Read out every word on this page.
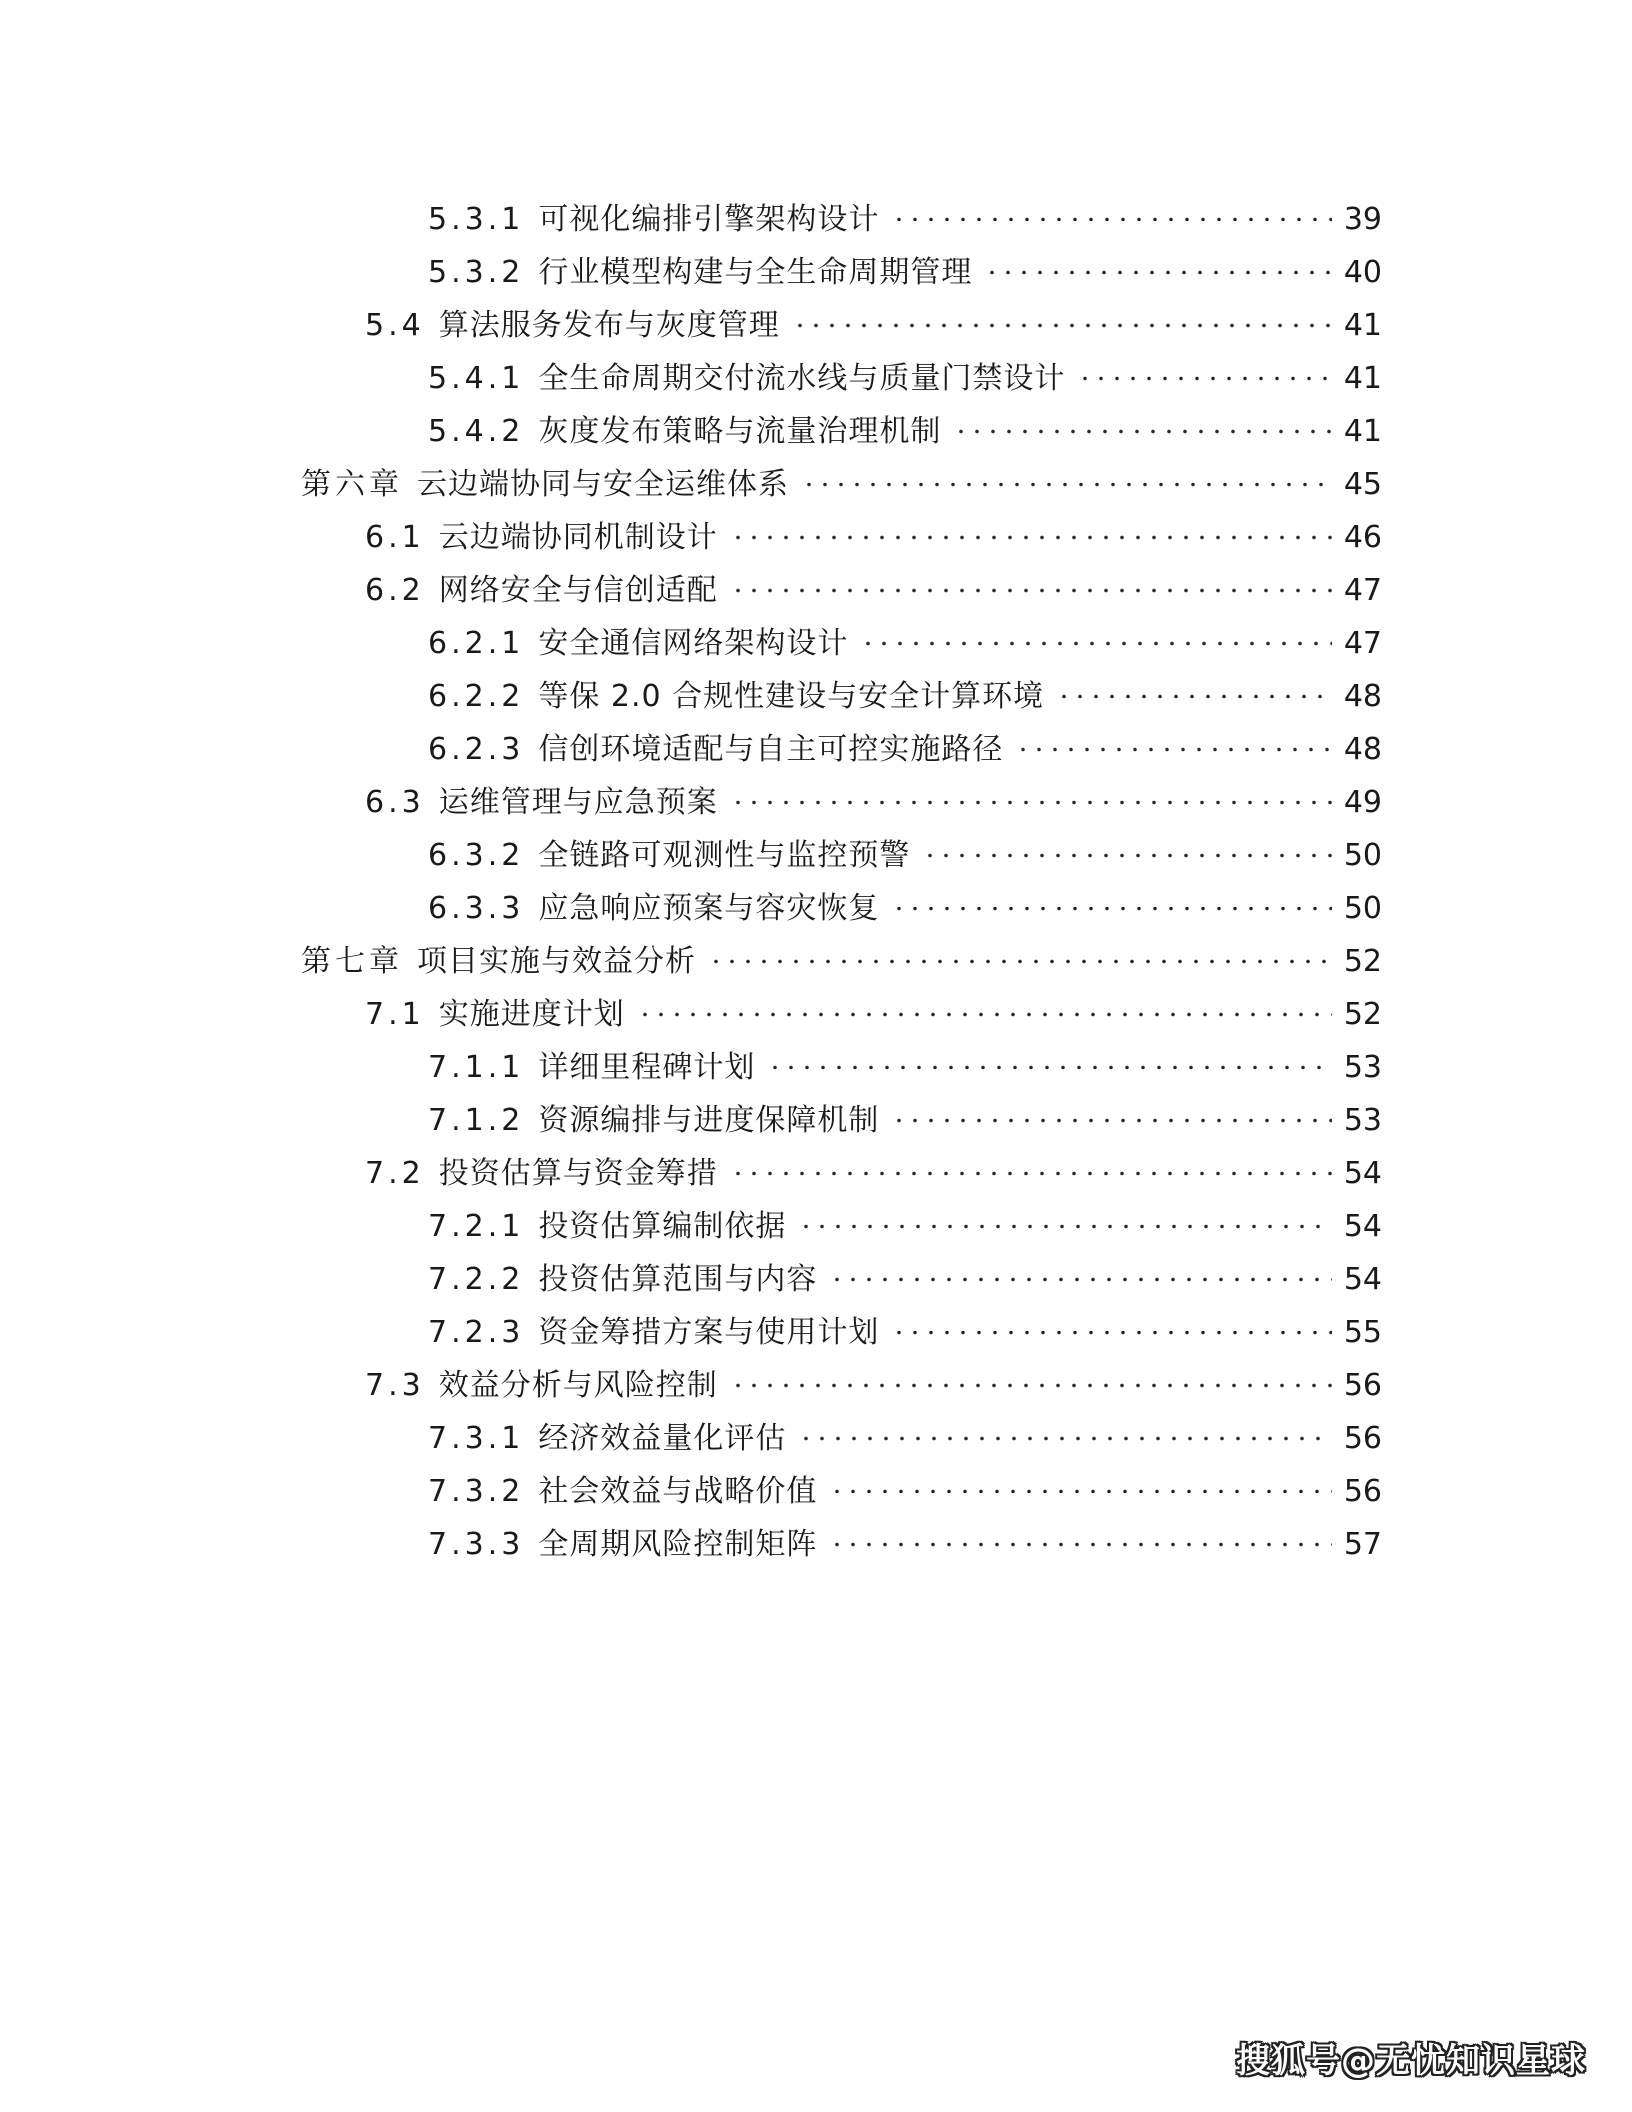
5.3.1 可视化编排引擎架构设计	39
5.3.2 行业模型构建与全生命周期管理	40
5.4 算法服务发布与灰度管理	41
5.4.1 全生命周期交付流水线与质量门禁设计	41
5.4.2 灰度发布策略与流量治理机制	41
第六章 云边端协同与安全运维体系	45
6.1 云边端协同机制设计	46
6.2 网络安全与信创适配	47
6.2.1 安全通信网络架构设计	47
6.2.2 等保 2.0 合规性建设与安全计算环境	48
6.2.3 信创环境适配与自主可控实施路径	48
6.3 运维管理与应急预案	49
6.3.2 全链路可观测性与监控预警	50
6.3.3 应急响应预案与容灾恢复	50
第七章 项目实施与效益分析	52
7.1 实施进度计划	52
7.1.1 详细里程碑计划	53
7.1.2 资源编排与进度保障机制	53
7.2 投资估算与资金筹措	54
7.2.1 投资估算编制依据	54
7.2.2 投资估算范围与内容	54
7.2.3 资金筹措方案与使用计划	55
7.3 效益分析与风险控制	56
7.3.1 经济效益量化评估	56
7.3.2 社会效益与战略价值	56
7.3.3 全周期风险控制矩阵	57
搜狐号@无忧知识星球
